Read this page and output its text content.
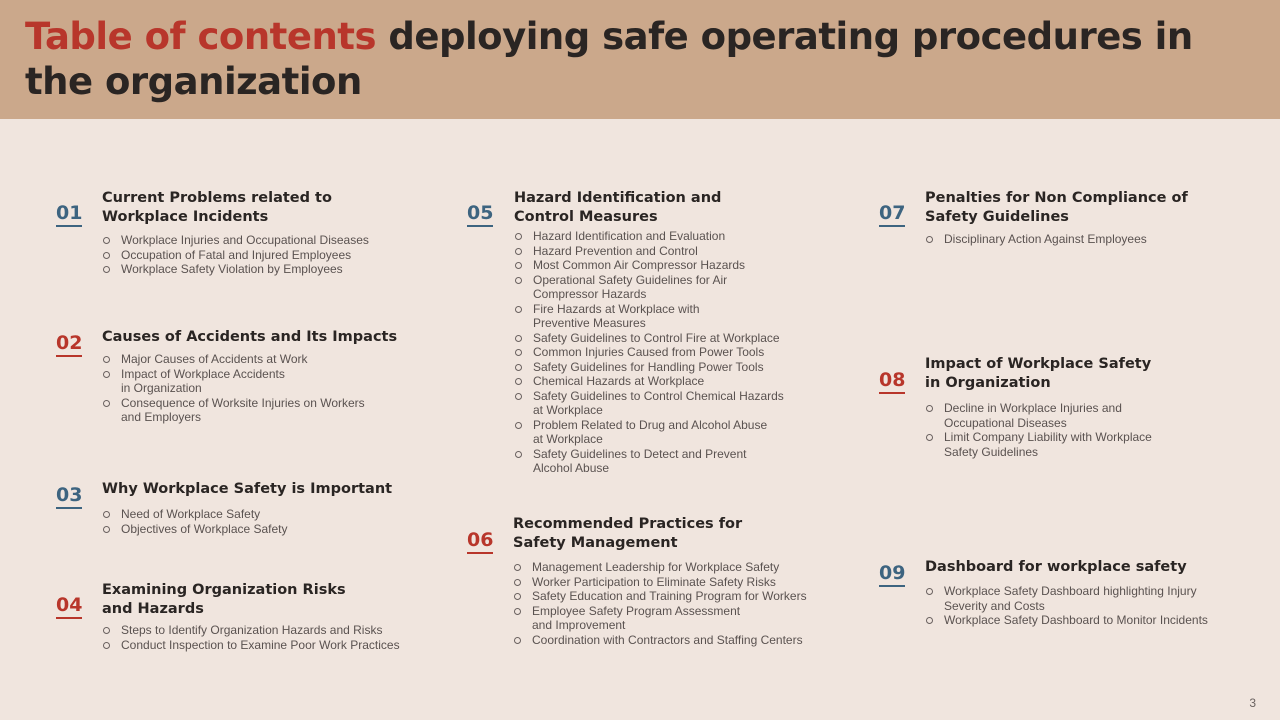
Table of contents deploying safe operating procedures in the organization
01
Current Problems related to
Workplace Incidents
Workplace Injuries and Occupational Diseases
Occupation of Fatal and Injured Employees
Workplace Safety Violation by Employees
02 Causes of Accidents and Its Impacts
Major Causes of Accidents at Work
Impact of Workplace Accidents
in Organization
Consequence of Worksite Injuries on Workers
and Employers
03 Why Workplace Safety is Important
Need of Workplace Safety
Objectives of Workplace Safety
04
Examining Organization Risks
and Hazards
Steps to Identify Organization Hazards and Risks
Conduct Inspection to Examine Poor Work Practices
05
Hazard Identification and
Control Measures
Hazard Identification and Evaluation
Hazard Prevention and Control
Most Common Air Compressor Hazards
Operational Safety Guidelines for Air
Compressor Hazards
Fire Hazards at Workplace with
Preventive Measures
Safety Guidelines to Control Fire at Workplace
Common Injuries Caused from Power Tools
Safety Guidelines for Handling Power Tools
Chemical Hazards at Workplace
Safety Guidelines to Control Chemical Hazards
at Workplace
Problem Related to Drug and Alcohol Abuse
at Workplace
Safety Guidelines to Detect and Prevent
Alcohol Abuse
06
Recommended Practices for
Safety Management
Management Leadership for Workplace Safety
Worker Participation to Eliminate Safety Risks
Safety Education and Training Program for Workers
Employee Safety Program Assessment
and Improvement
Coordination with Contractors and Staffing Centers
07
Penalties for Non Compliance of
Safety Guidelines
Disciplinary Action Against Employees
08
Impact of Workplace Safety
in Organization
Decline in Workplace Injuries and
Occupational Diseases
Limit Company Liability with Workplace
Safety Guidelines
09 Dashboard for workplace safety
Workplace Safety Dashboard highlighting Injury
Severity and Costs
Workplace Safety Dashboard to Monitor Incidents
3
